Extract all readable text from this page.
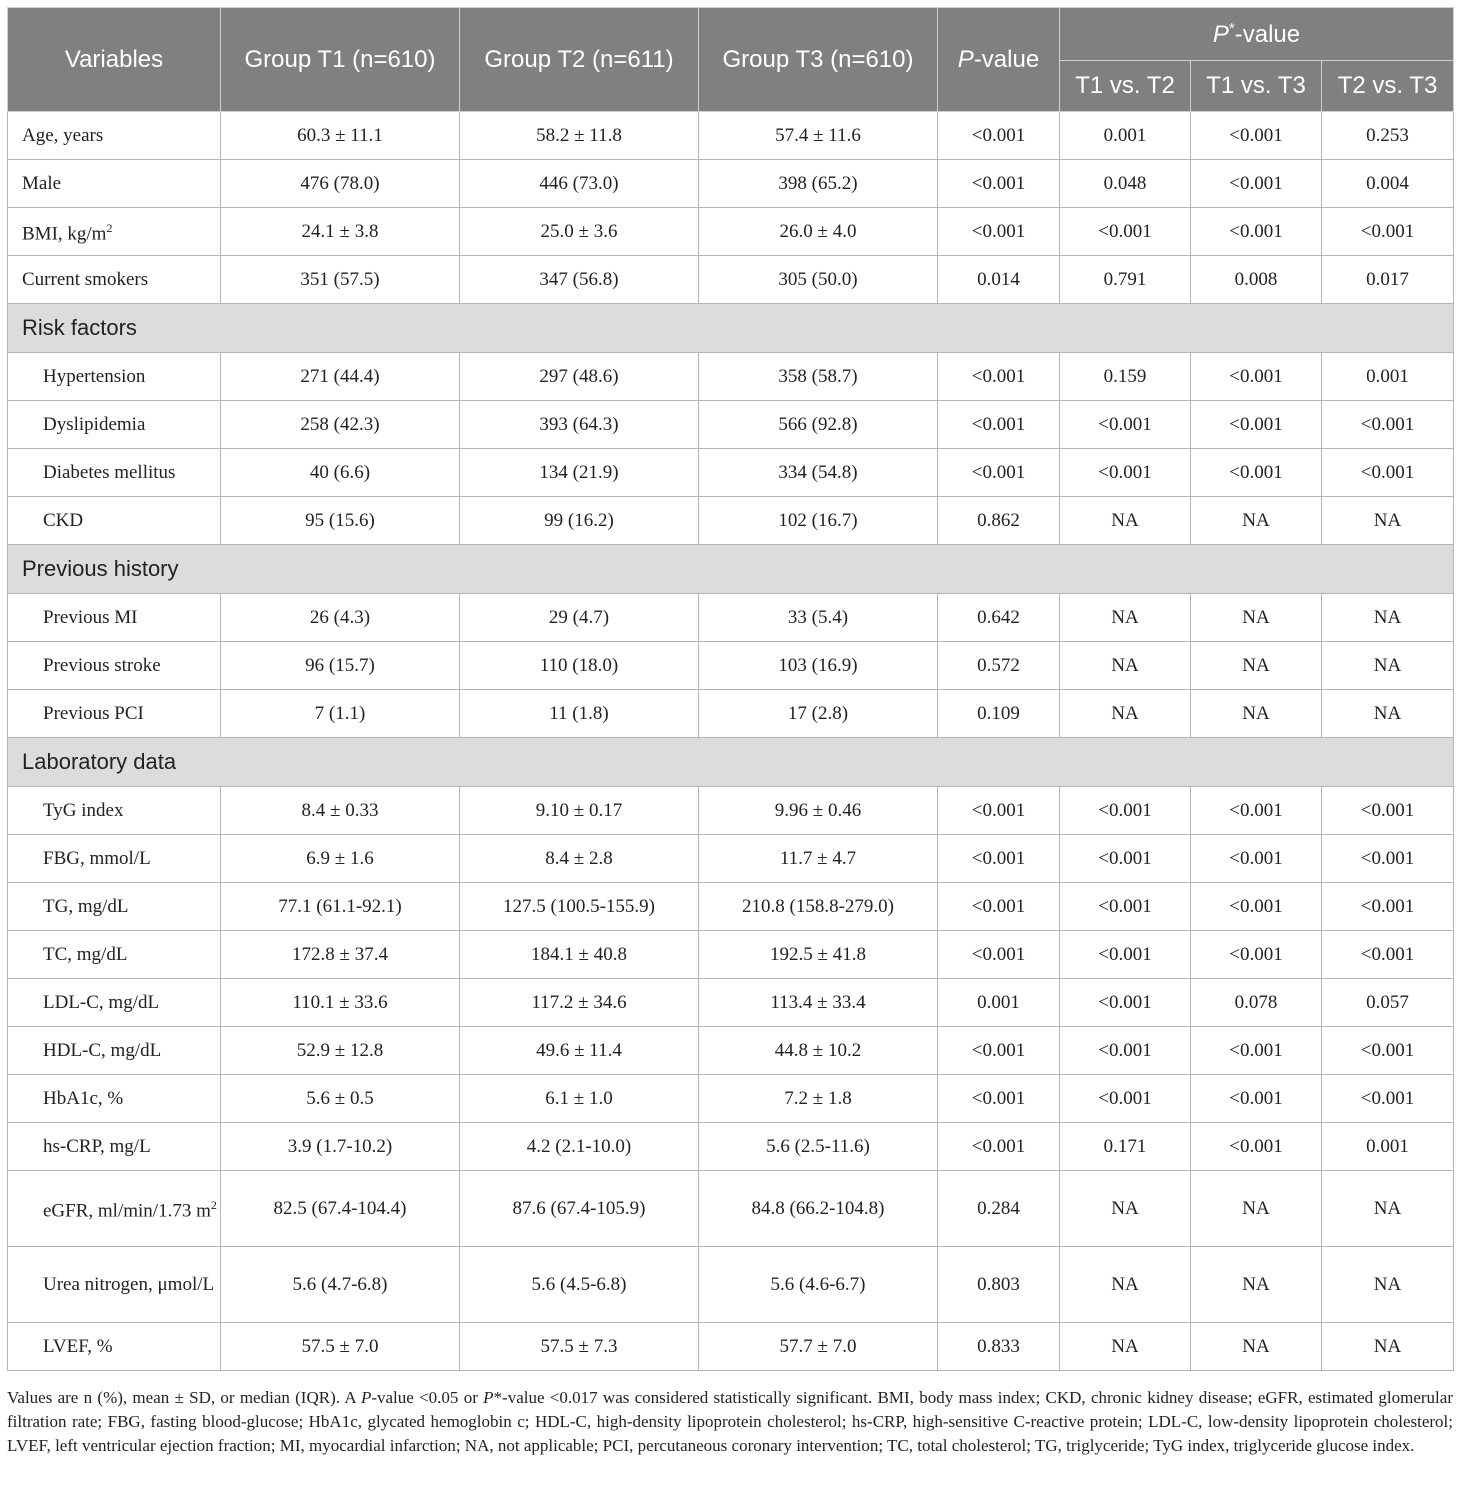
Variables	Group T1 (n=610)	Group T2 (n=611)	Group T3 (n=610)	P-value	P*-value		
					T1 vs. T2	T1 vs. T3	T2 vs. T3
Age, years	60.3 ± 11.1	58.2 ± 11.8	57.4 ± 11.6	<0.001	0.001	<0.001	0.253
Male	476 (78.0)	446 (73.0)	398 (65.2)	<0.001	0.048	<0.001	0.004
BMI, $kg/m^2$	24.1 ± 3.8	25.0 ± 3.6	26.0 ± 4.0	<0.001	<0.001	<0.001	<0.001
Current smokers	351 (57.5)	347 (56.8)	305 (50.0)	0.014	0.791	0.008	0.017
Risk factors							
Hypertension	271 (44.4)	297 (48.6)	358 (58.7)	<0.001	0.159	<0.001	0.001
Dyslipidemia	258 (42.3)	393 (64.3)	566 (92.8)	<0.001	<0.001	<0.001	<0.001
Diabetes mellitus	40 (6.6)	134 (21.9)	334 (54.8)	<0.001	<0.001	<0.001	<0.001
CKD	95 (15.6)	99 (16.2)	102 (16.7)	0.862	NA	NA	NA
Previous history							
Previous MI	26 (4.3)	29 (4.7)	33 (5.4)	0.642	NA	NA	NA
Previous stroke	96 (15.7)	110 (18.0)	103 (16.9)	0.572	NA	NA	NA
Previous PCI	7 (1.1)	11 (1.8)	17 (2.8)	0.109	NA	NA	NA
Laboratory data							
TyG index	8.4 ± 0.33	9.10 ± 0.17	9.96 ± 0.46	<0.001	<0.001	<0.001	<0.001
FBG, mmol/L	6.9 ± 1.6	8.4 ± 2.8	11.7 ± 4.7	<0.001	<0.001	<0.001	<0.001
TG, mg/dL	77.1 (61.1-92.1)	127.5 (100.5-155.9)	210.8 (158.8-279.0)	<0.001	<0.001	<0.001	<0.001
TC, mg/dL	172.8 ± 37.4	184.1 ± 40.8	192.5 ± 41.8	<0.001	<0.001	<0.001	<0.001
LDL-C, mg/dL	110.1 ± 33.6	117.2 ± 34.6	113.4 ± 33.4	0.001	<0.001	0.078	0.057
HDL-C, mg/dL	52.9 ± 12.8	49.6 ± 11.4	44.8 ± 10.2	<0.001	<0.001	<0.001	<0.001
HbA1c, %	5.6 ± 0.5	6.1 ± 1.0	7.2 ± 1.8	<0.001	<0.001	<0.001	<0.001
hs-CRP, mg/L	3.9 (1.7-10.2)	4.2 (2.1-10.0)	5.6 (2.5-11.6)	<0.001	0.171	<0.001	0.001
eGFR, ml/min/1.73 $m^2$	82.5 (67.4-104.4)	87.6 (67.4-105.9)	84.8 (66.2-104.8)	0.284	NA	NA	NA
Urea nitrogen, μmol/L	5.6 (4.7-6.8)	5.6 (4.5-6.8)	5.6 (4.6-6.7)	0.803	NA	NA	NA
LVEF, %	57.5 ± 7.0	57.5 ± 7.3	57.7 ± 7.0	0.833	NA	NA	NA
Values are n (%), mean ± SD, or median (IQR). A P-value <0.05 or P*-value <0.017 was considered statistically significant. BMI, body mass index; CKD, chronic kidney disease; eGFR, estimated glomerular filtration rate; FBG, fasting blood-glucose; HbA1c, glycated hemoglobin c; HDL-C, high-density lipoprotein cholesterol; hs-CRP, high-sensitive C-reactive protein; LDL-C, low-density lipoprotein cholesterol; LVEF, left ventricular ejection fraction; MI, myocardial infarction; NA, not applicable; PCI, percutaneous coronary intervention; TC, total cholesterol; TG, triglyceride; TyG index, triglyceride glucose index.
